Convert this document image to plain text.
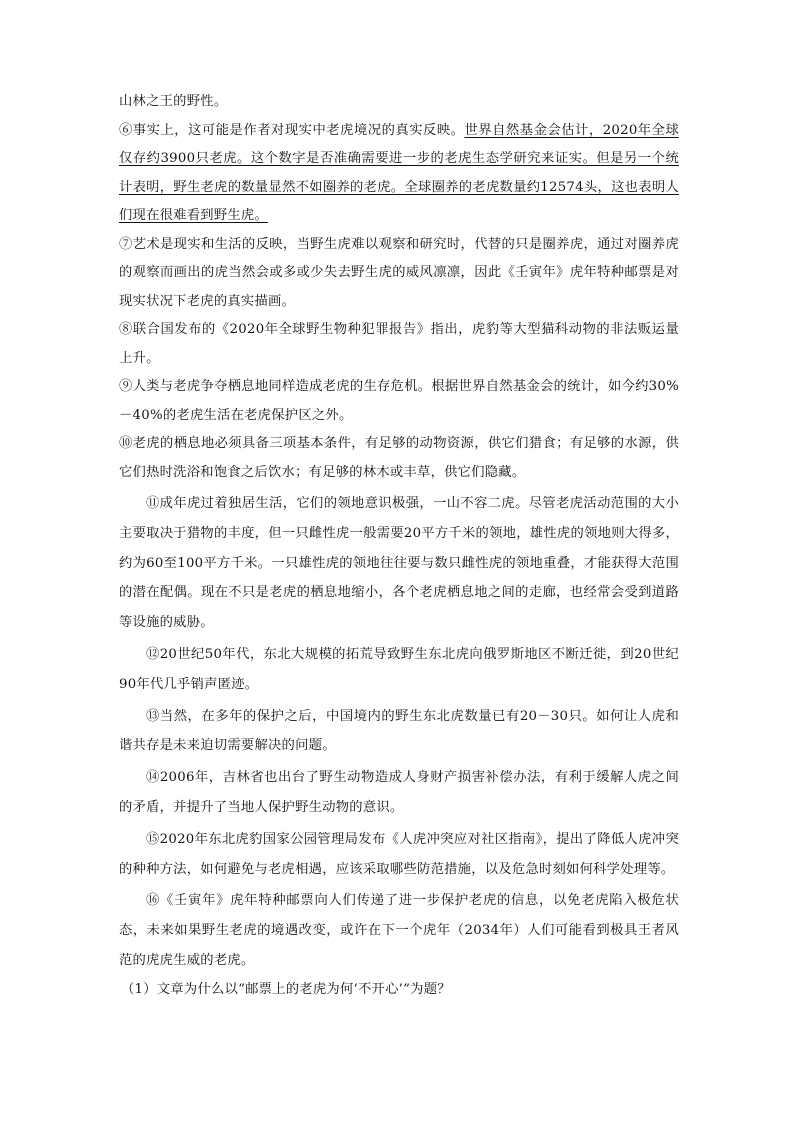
山林之王的野性。

⑥事实上，这可能是作者对现实中老虎境况的真实反映。世界自然基金会估计，2020年全球仅存约3900只老虎。这个数字是否准确需要进一步的老虎生态学研究来证实。但是另一个统计表明，野生老虎的数量显然不如圈养的老虎。全球圈养的老虎数量约12574头，这也表明人们现在很难看到野生虎。

⑦艺术是现实和生活的反映，当野生虎难以观察和研究时，代替的只是圈养虎，通过对圈养虎的观察而画出的虎当然会或多或少失去野生虎的威风凛凛，因此《壬寅年》虎年特种邮票是对现实状况下老虎的真实描画。

⑧联合国发布的《2020年全球野生物种犯罪报告》指出，虎豹等大型猫科动物的非法贩运量上升。

⑨人类与老虎争夺栖息地同样造成老虎的生存危机。根据世界自然基金会的统计，如今约30%－40%的老虎生活在老虎保护区之外。

⑩老虎的栖息地必须具备三项基本条件，有足够的动物资源，供它们猎食；有足够的水源，供它们热时洗浴和饱食之后饮水；有足够的林木或丰草，供它们隐藏。

⑪成年虎过着独居生活，它们的领地意识极强，一山不容二虎。尽管老虎活动范围的大小主要取决于猎物的丰度，但一只雌性虎一般需要20平方千米的领地，雄性虎的领地则大得多，约为60至100平方千米。一只雄性虎的领地往往要与数只雌性虎的领地重叠，才能获得大范围的潜在配偶。现在不只是老虎的栖息地缩小，各个老虎栖息地之间的走廊，也经常会受到道路等设施的威胁。

⑫20世纪50年代，东北大规模的拓荒导致野生东北虎向俄罗斯地区不断迁徙，到20世纪90年代几乎销声匿迹。

⑬当然，在多年的保护之后，中国境内的野生东北虎数量已有20－30只。如何让人虎和谐共存是未来迫切需要解决的问题。

⑭2006年，吉林省也出台了野生动物造成人身财产损害补偿办法，有利于缓解人虎之间的矛盾，并提升了当地人保护野生动物的意识。

⑮2020年东北虎豹国家公园管理局发布《人虎冲突应对社区指南》，提出了降低人虎冲突的种种方法，如何避免与老虎相遇，应该采取哪些防范措施，以及危急时刻如何科学处理等。

⑯《壬寅年》虎年特种邮票向人们传递了进一步保护老虎的信息，以免老虎陷入极危状态，未来如果野生老虎的境遇改变，或许在下一个虎年（2034年）人们可能看到极具王者风范的虎虎生威的老虎。

（1）文章为什么以“邮票上的老虎为何‘不开心’”为题？
